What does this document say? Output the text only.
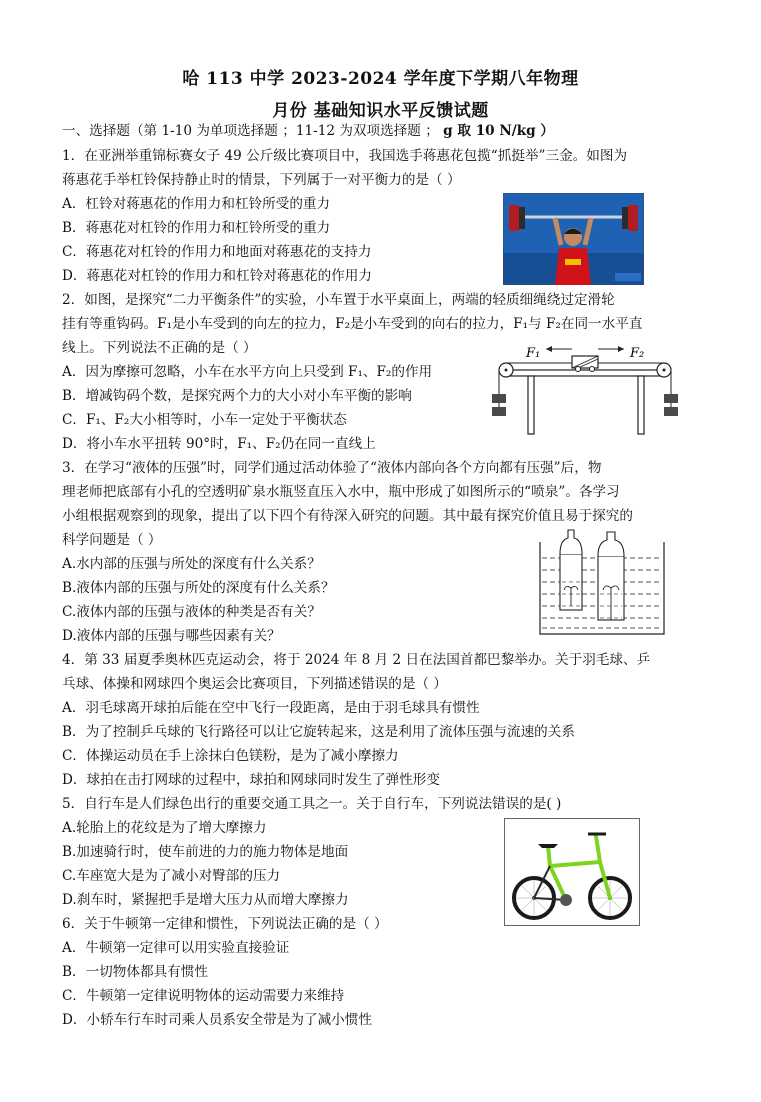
哈 113 中学 2023-2024 学年度下学期八年物理
月份 基础知识水平反馈试题
一、选择题（第 1-10 为单项选择题 ；11-12 为双项选择题 ； g 取 10 N/kg ）
1．在亚洲举重锦标赛女子 49 公斤级比赛项目中，我国选手蒋惠花包揽“抓挺举”三金。如图为
蒋惠花手举杠铃保持静止时的情景，下列属于一对平衡力的是（ ）
A．杠铃对蒋惠花的作用力和杠铃所受的重力
B．蒋惠花对杠铃的作用力和杠铃所受的重力
C．蒋惠花对杠铃的作用力和地面对蒋惠花的支持力
D．蒋惠花对杠铃的作用力和杠铃对蒋惠花的作用力
2．如图，是探究“二力平衡条件”的实验，小车置于水平桌面上，两端的轻质细绳绕过定滑轮
挂有等重钩码。F₁是小车受到的向左的拉力，F₂是小车受到的向右的拉力，F₁与 F₂在同一水平直
线上。下列说法不正确的是（ ）
A．因为摩擦可忽略，小车在水平方向上只受到 F₁、F₂的作用
B．增减钩码个数，是探究两个力的大小对小车平衡的影响
C．F₁、F₂大小相等时，小车一定处于平衡状态
D．将小车水平扭转 90°时，F₁、F₂仍在同一直线上
F₁	F₂
3．在学习“液体的压强”时，同学们通过活动体验了“液体内部向各个方向都有压强”后，物
理老师把底部有小孔的空透明矿泉水瓶竖直压入水中，瓶中形成了如图所示的“喷泉”。各学习
小组根据观察到的现象，提出了以下四个有待深入研究的问题。其中最有探究价值且易于探究的
科学问题是（ ）
A.水内部的压强与所处的深度有什么关系？
B.液体内部的压强与所处的深度有什么关系？
C.液体内部的压强与液体的种类是否有关？
D.液体内部的压强与哪些因素有关？
4．第 33 届夏季奥林匹克运动会，将于 2024 年 8 月 2 日在法国首都巴黎举办。关于羽毛球、乒
乓球、体操和网球四个奥运会比赛项目，下列描述错误的是（ ）
A．羽毛球离开球拍后能在空中飞行一段距离，是由于羽毛球具有惯性
B．为了控制乒乓球的飞行路径可以让它旋转起来，这是利用了流体压强与流速的关系
C．体操运动员在手上涂抹白色镁粉，是为了减小摩擦力
D．球拍在击打网球的过程中，球拍和网球同时发生了弹性形变
5．自行车是人们绿色出行的重要交通工具之一。关于自行车，下列说法错误的是( )
A.轮胎上的花纹是为了增大摩擦力
B.加速骑行时，使车前进的力的施力物体是地面
C.车座宽大是为了减小对臀部的压力
D.刹车时，紧握把手是增大压力从而增大摩擦力
6．关于牛顿第一定律和惯性，下列说法正确的是（ ）
A．牛顿第一定律可以用实验直接验证
B．一切物体都具有惯性
C．牛顿第一定律说明物体的运动需要力来维持
D．小轿车行车时司乘人员系安全带是为了减小惯性
